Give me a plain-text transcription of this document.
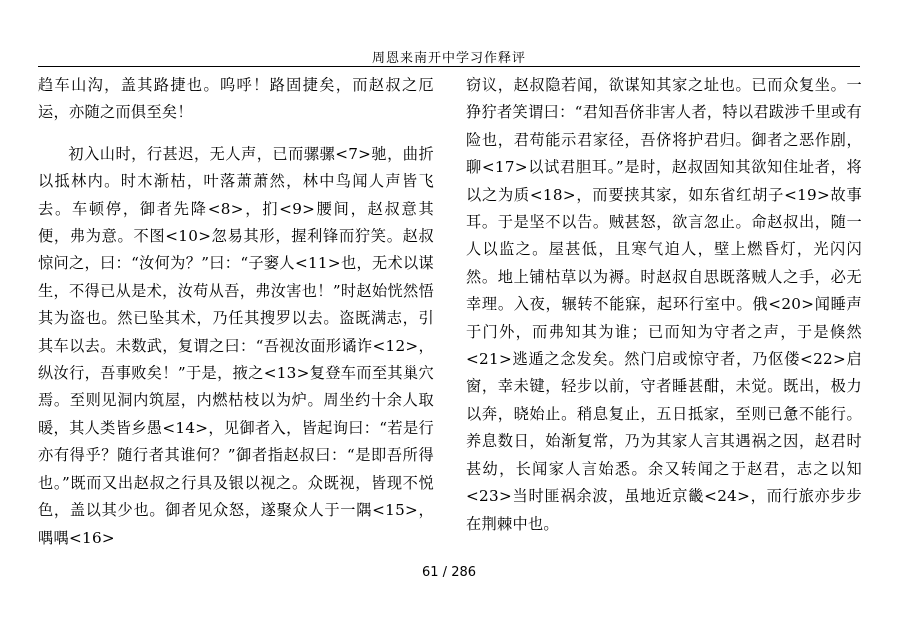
周恩来南开中学习作释评

趋车山沟，盖其路捷也。呜呼！路固捷矣，而赵叔之厄运，亦随之而俱至矣！

初入山时，行甚迟，无人声，已而骡骡<7>驰，曲折以抵林内。时木渐枯，叶落萧萧然，林中鸟闻人声皆飞去。车顿停，御者先降<8>，扪<9>腰间，赵叔意其便，弗为意。不图<10>忽易其形，握利锋而狞笑。赵叔惊问之，曰：“汝何为？”曰：“子窭人<11>也，无术以谋生，不得已从是术，汝苟从吾，弗汝害也！”时赵始恍然悟其为盗也。然已坠其术，乃任其搜罗以去。盗既满志，引其车以去。未数武，复谓之曰：“吾视汝面形谲诈<12>，纵汝行，吾事败矣！”于是，掖之<13>复登车而至其巢穴焉。至则见洞内筑屋，内燃枯枝以为炉。周坐约十余人取暖，其人类皆乡愚<14>，见御者入，皆起询曰：“若是行亦有得乎？随行者其谁何？”御者指赵叔曰：“是即吾所得也。”既而又出赵叔之行具及银以视之。众既视，皆现不悦色，盖以其少也。御者见众怒，遂聚众人于一隅<15>，喁喁<16>

窃议，赵叔隐若闻，欲谋知其家之址也。已而众复坐。一狰狞者笑谓曰：“君知吾侪非害人者，特以君跋涉千里或有险也，君苟能示君家径，吾侪将护君归。御者之恶作剧，聊<17>以试君胆耳。”是时，赵叔固知其欲知住址者，将以之为质<18>，而要挟其家，如东省红胡子<19>故事耳。于是坚不以告。贼甚怒，欲言忽止。命赵叔出，随一人以监之。屋甚低，且寒气迫人，壁上燃昏灯，光闪闪然。地上铺枯草以为褥。时赵叔自思既落贼人之手，必无幸理。入夜，辗转不能寐，起环行室中。俄<20>闻睡声于门外，而弗知其为谁；已而知为守者之声，于是倏然<21>逃遁之念发矣。然门启或惊守者，乃伛偻<22>启窗，幸未键，轻步以前，守者睡甚酣，未觉。既出，极力以奔，晓始止。稍息复止，五日抵家，至则已惫不能行。养息数日，始渐复常，乃为其家人言其遇祸之因，赵君时甚幼，长闻家人言始悉。余又转闻之于赵君，志之以知<23>当时匪祸余波，虽地近京畿<24>，而行旅亦步步在荆棘中也。

61 / 286
